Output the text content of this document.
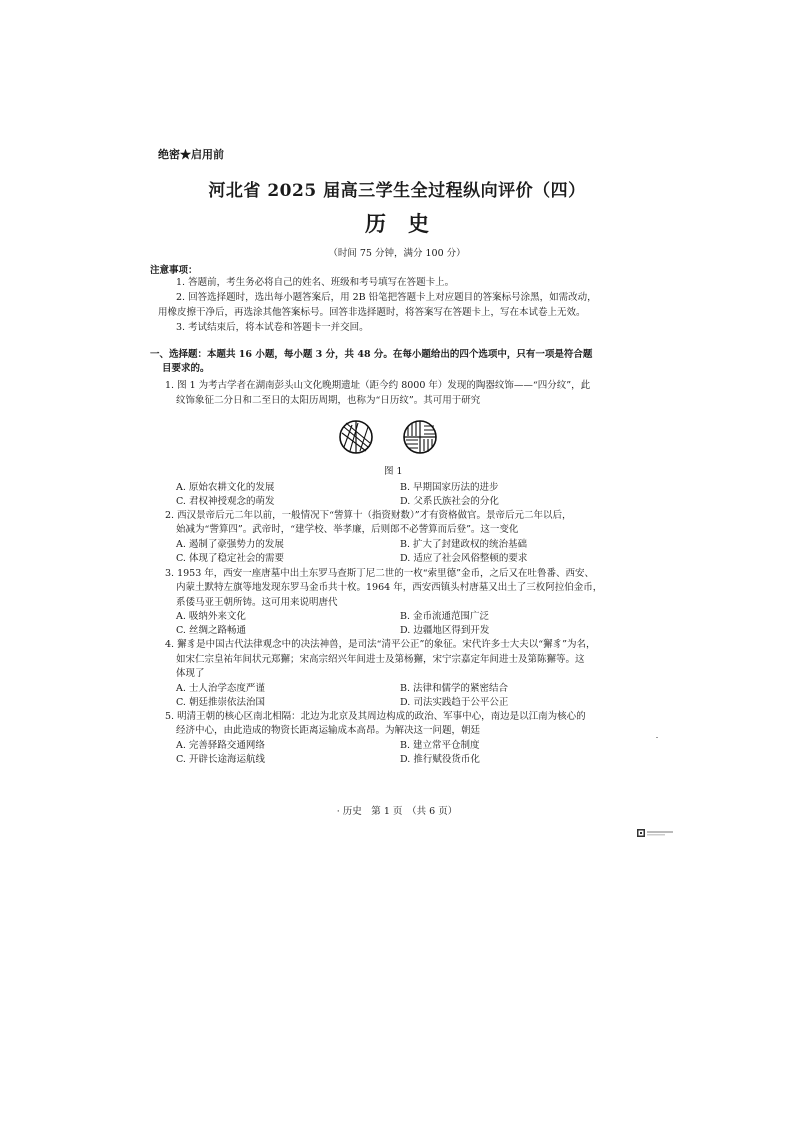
绝密★启用前
河北省 2025 届高三学生全过程纵向评价（四）
历史
（时间 75 分钟，满分 100 分）
注意事项：
1. 答题前，考生务必将自己的姓名、班级和考号填写在答题卡上。
2. 回答选择题时，选出每小题答案后，用 2B 铅笔把答题卡上对应题目的答案标号涂黑，如需改动，
用橡皮擦干净后，再选涂其他答案标号。回答非选择题时，将答案写在答题卡上，写在本试卷上无效。
3. 考试结束后，将本试卷和答题卡一并交回。
一、选择题：本题共 16 小题，每小题 3 分，共 48 分。在每小题给出的四个选项中，只有一项是符合题
目要求的。
1. 图 1 为考古学者在湖南彭头山文化晚期遗址（距今约 8000 年）发现的陶器纹饰——“四分纹”，此
纹饰象征二分日和二至日的太阳历周期，也称为“日历纹”。其可用于研究
图 1
A. 原始农耕文化的发展	B. 早期国家历法的进步
C. 君权神授观念的萌发	D. 父系氏族社会的分化
2. 西汉景帝后元二年以前，一般情况下“訾算十（指资财数）”才有资格做官。景帝后元二年以后，
始减为“訾算四”。武帝时，“建学校、举孝廉，后则郎不必訾算而后登”。这一变化
A. 遏制了豪强势力的发展	B. 扩大了封建政权的统治基础
C. 体现了稳定社会的需要	D. 适应了社会风俗整顿的要求
3. 1953 年，西安一座唐墓中出土东罗马查斯丁尼二世的一枚“索里德”金币，之后又在吐鲁番、西安、
内蒙土默特左旗等地发现东罗马金币共十枚。1964 年，西安西镇头村唐墓又出土了三枚阿拉伯金币，
系倭马亚王朝所铸。这可用来说明唐代
A. 吸纳外来文化	B. 金币流通范围广泛
C. 丝绸之路畅通	D. 边疆地区得到开发
4. 獬豸是中国古代法律观念中的决法神兽，是司法“清平公正”的象征。宋代许多士大夫以“獬豸”为名，
如宋仁宗皇祐年间状元郑獬；宋高宗绍兴年间进士及第杨獬，宋宁宗嘉定年间进士及第陈獬等。这
体现了
A. 士人治学态度严谨	B. 法律和儒学的紧密结合
C. 朝廷推崇依法治国	D. 司法实践趋于公平公正
5. 明清王朝的核心区南北相隔：北边为北京及其周边构成的政治、军事中心，南边是以江南为核心的
经济中心，由此造成的物资长距离运输成本高昂。为解决这一问题，朝廷
A. 完善驿路交通网络	B. 建立常平仓制度
C. 开辟长途海运航线	D. 推行赋役货币化
· 历史　第 1 页　（共 6 页）
